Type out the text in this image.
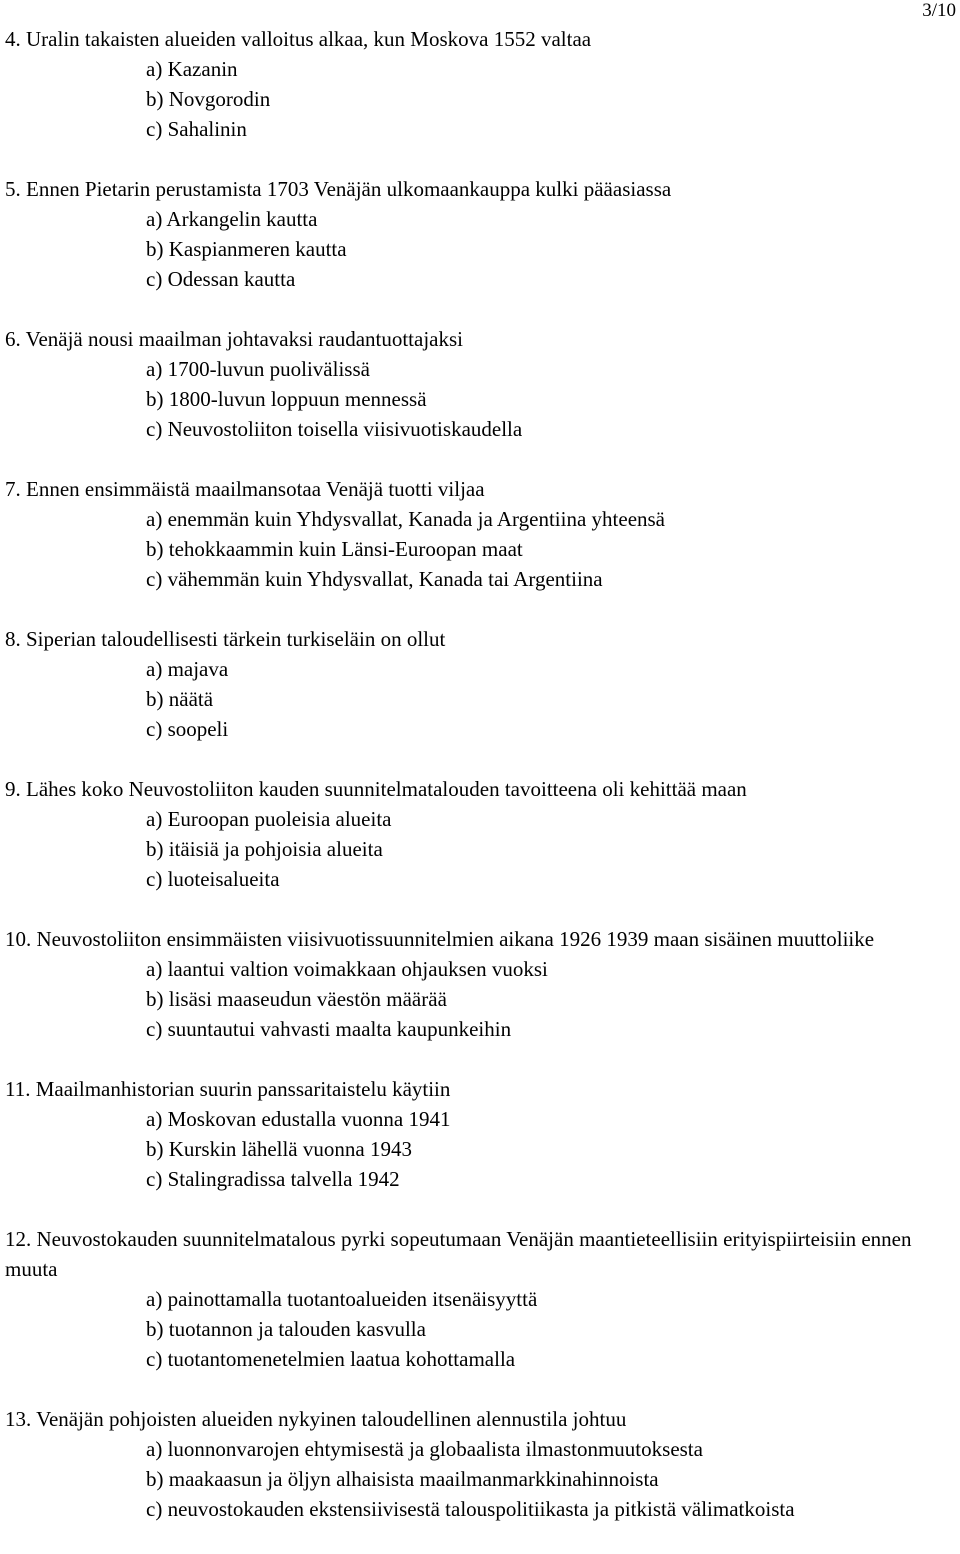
3/10
4. Uralin takaisten alueiden valloitus alkaa, kun Moskova 1552 valtaa
a) Kazanin
b) Novgorodin
c) Sahalinin
5. Ennen Pietarin perustamista 1703 Venäjän ulkomaankauppa kulki pääasiassa
a) Arkangelin kautta
b) Kaspianmeren kautta
c) Odessan kautta
6. Venäjä nousi maailman johtavaksi raudantuottajaksi
a) 1700-luvun puolivälissä
b) 1800-luvun loppuun mennessä
c) Neuvostoliiton toisella viisivuotiskaudella
7. Ennen ensimmäistä maailmansotaa Venäjä tuotti viljaa
a) enemmän kuin Yhdysvallat, Kanada ja Argentiina yhteensä
b) tehokkaammin kuin Länsi-Euroopan maat
c) vähemmän kuin Yhdysvallat, Kanada tai Argentiina
8. Siperian taloudellisesti tärkein turkiseläin on ollut
a) majava
b) näätä
c) soopeli
9. Lähes koko Neuvostoliiton kauden suunnitelmatalouden tavoitteena oli kehittää maan
a) Euroopan puoleisia alueita
b) itäisiä ja pohjoisia alueita
c) luoteisalueita
10. Neuvostoliiton ensimmäisten viisivuotissuunnitelmien aikana 1926 1939 maan sisäinen muuttoliike
a) laantui valtion voimakkaan ohjauksen vuoksi
b) lisäsi maaseudun väestön määrää
c) suuntautui vahvasti maalta kaupunkeihin
11. Maailmanhistorian suurin panssaritaistelu käytiin
a) Moskovan edustalla vuonna 1941
b) Kurskin lähellä vuonna 1943
c) Stalingradissa talvella 1942
12. Neuvostokauden suunnitelmatalous pyrki sopeutumaan Venäjän maantieteellisiin erityispiirteisiin ennen muuta
a) painottamalla tuotantoalueiden itsenäisyyttä
b) tuotannon ja talouden kasvulla
c) tuotantomenetelmien laatua kohottamalla
13. Venäjän pohjoisten alueiden nykyinen taloudellinen alennustila johtuu
a) luonnonvarojen ehtymisestä ja globaalista ilmastonmuutoksesta
b) maakaasun ja öljyn alhaisista maailmanmarkkinahinnoista
c) neuvostokauden ekstensiivisestä talouspolitiikasta ja pitkistä välimatkoista
